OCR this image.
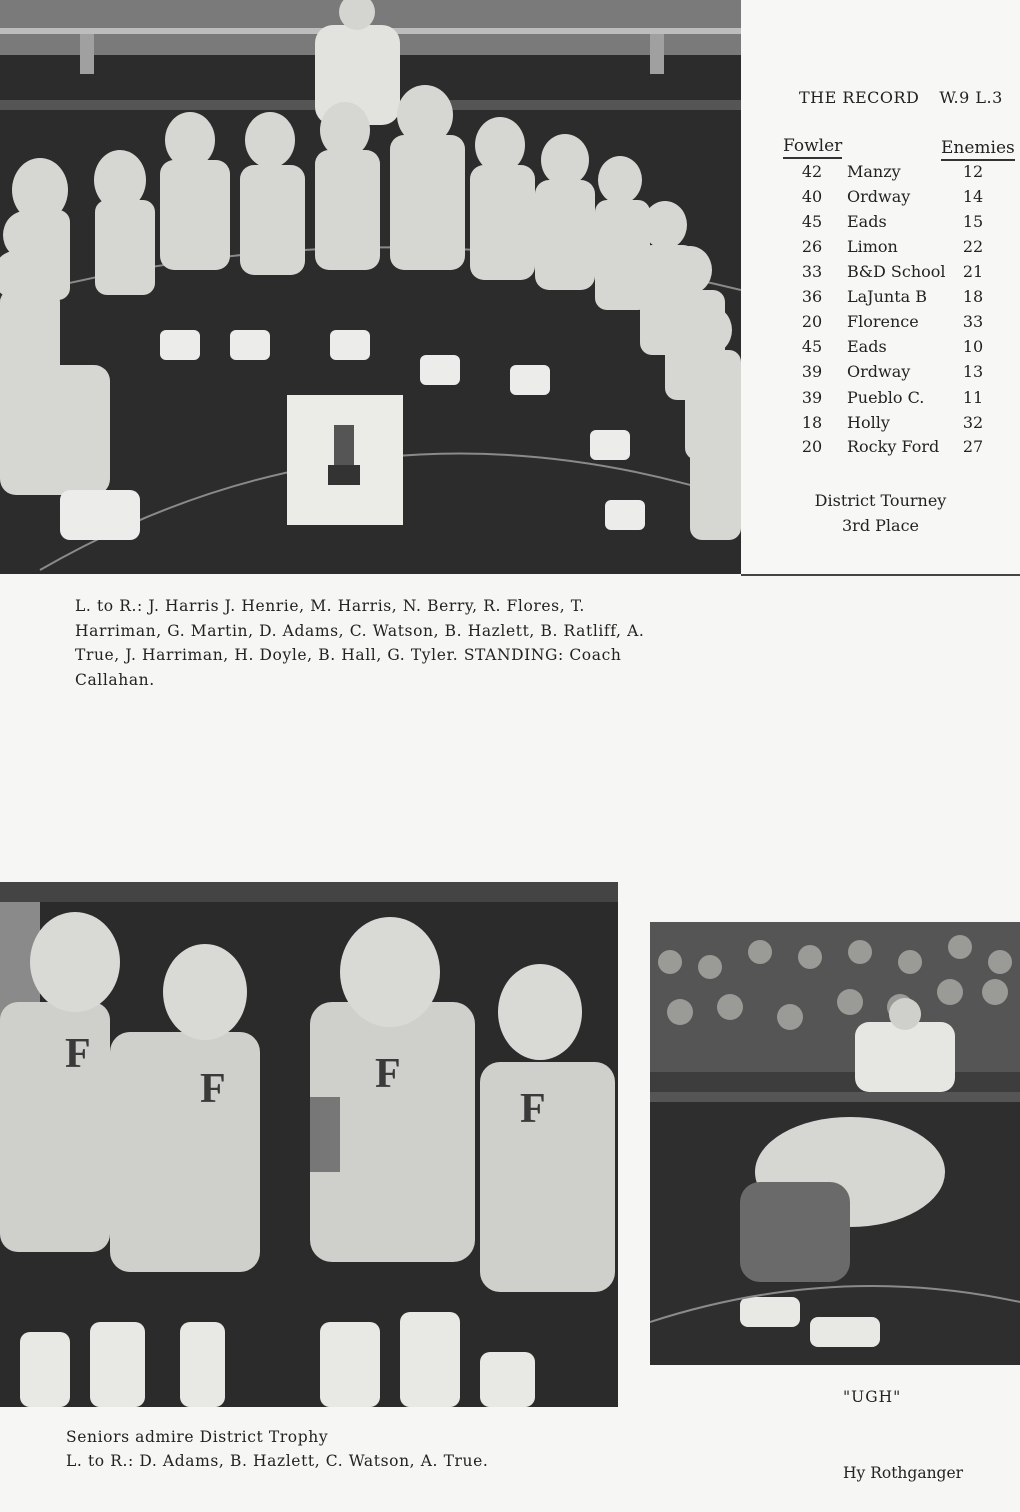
THE RECORD W.9 L.3
Fowler	Enemies
42 Manzy	12
40 Ordway	14
45 Eads	15
26 Limon	22
33 B&D School 21
36 LaJunta B 18
20 Florence	33
45 Eads	10
39 Ordway	13
39 Pueblo C. 11
18 Holly	32
20 Rocky Ford 27
District Tourney
3rd Place
L. to R.: J. Harris J. Henrie, M. Harris, N. Berry, R. Flores, T. Harriman, G. Martin, D. Adams, C. Watson, B. Hazlett, B. Ratliff, A. True, J. Harriman, H. Doyle, B. Hall, G. Tyler. STANDING: Coach Callahan.
F
F	F
F
Seniors admire District Trophy
L. to R.: D. Adams, B. Hazlett, C. Watson, A. True.
"UGH"
Hy Rothganger
